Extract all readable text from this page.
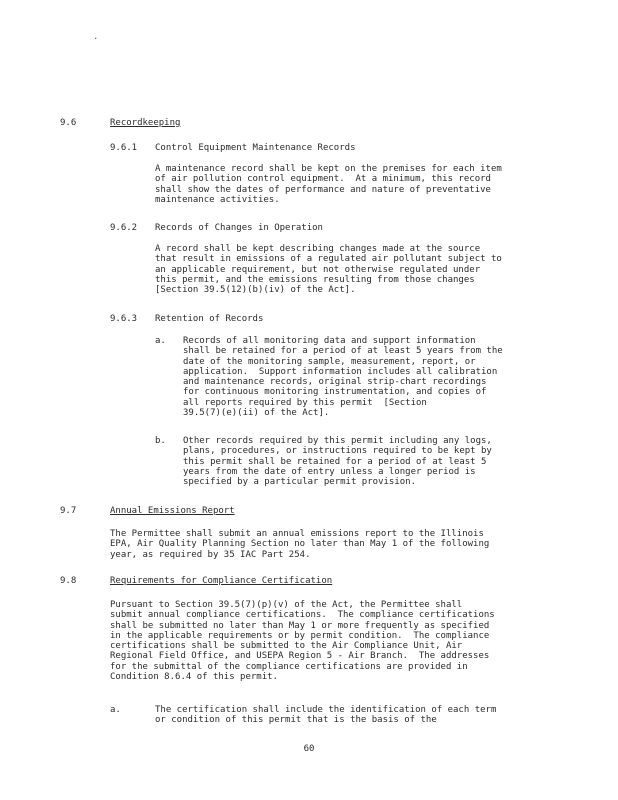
.
9.6	Recordkeeping
9.6.1 Control Equipment Maintenance Records
A maintenance record shall be kept on the premises for each item
of air pollution control equipment.  At a minimum, this record
shall show the dates of performance and nature of preventative
maintenance activities.
9.6.2 Records of Changes in Operation
A record shall be kept describing changes made at the source
that result in emissions of a regulated air pollutant subject to
an applicable requirement, but not otherwise regulated under
this permit, and the emissions resulting from those changes
[Section 39.5(12)(b)(iv) of the Act].
9.6.3 Retention of Records
a. Records of all monitoring data and support information
shall be retained for a period of at least 5 years from the
date of the monitoring sample, measurement, report, or
application.  Support information includes all calibration
and maintenance records, original strip-chart recordings
for continuous monitoring instrumentation, and copies of
all reports required by this permit  [Section
39.5(7)(e)(ii) of the Act].
b. Other records required by this permit including any logs,
plans, procedures, or instructions required to be kept by
this permit shall be retained for a period of at least 5
years from the date of entry unless a longer period is
specified by a particular permit provision.
9.7	Annual Emissions Report
The Permittee shall submit an annual emissions report to the Illinois
EPA, Air Quality Planning Section no later than May 1 of the following
year, as required by 35 IAC Part 254.
9.8	Requirements for Compliance Certification
Pursuant to Section 39.5(7)(p)(v) of the Act, the Permittee shall
submit annual compliance certifications.  The compliance certifications
shall be submitted no later than May 1 or more frequently as specified
in the applicable requirements or by permit condition.  The compliance
certifications shall be submitted to the Air Compliance Unit, Air
Regional Field Office, and USEPA Region 5 - Air Branch.  The addresses
for the submittal of the compliance certifications are provided in
Condition 8.6.4 of this permit.
a.	The certification shall include the identification of each term
or condition of this permit that is the basis of the
60
